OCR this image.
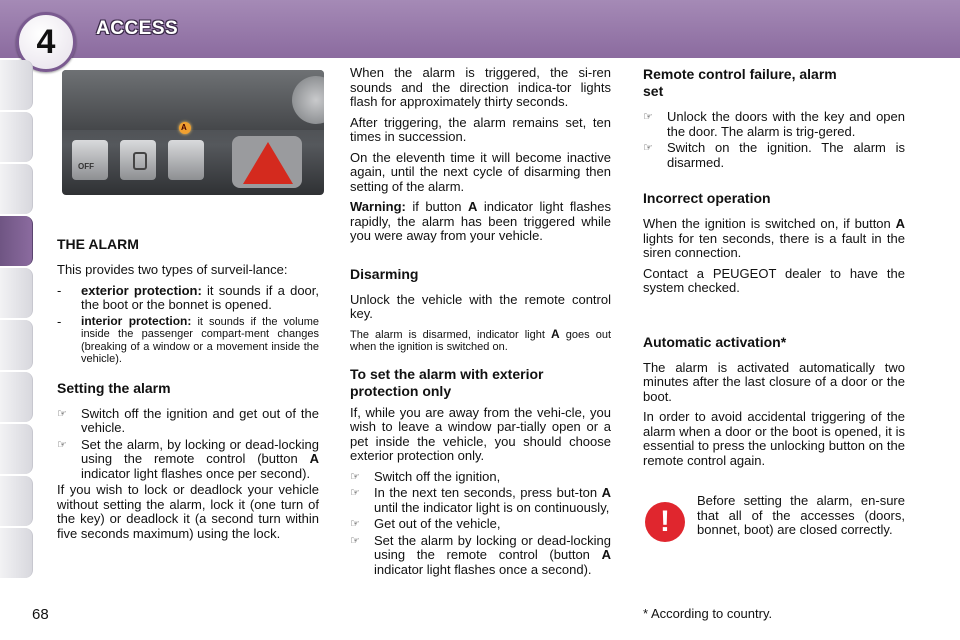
4 ACCESS
OFF
A
THE ALARM

This provides two types of surveil-lance:

-	exterior protection: it sounds if a door, the boot or the bonnet is opened.
-	interior protection: it sounds if the volume inside the passenger compart-ment changes (breaking of a window or a movement inside the vehicle).
Setting the alarm
☞	Switch off the ignition and get out of the vehicle.
☞	Set the alarm, by locking or dead-locking using the remote control (button A indicator light flashes once per second).

If you wish to lock or deadlock your vehicle without setting the alarm, lock it (one turn of the key) or deadlock it (a second turn within five seconds maximum) using the lock.

When the alarm is triggered, the si-ren sounds and the direction indica-tor lights flash for approximately thirty seconds.

After triggering, the alarm remains set, ten times in succession.

On the eleventh time it will become inactive again, until the next cycle of disarming then setting of the alarm.

Warning: if button A indicator light flashes rapidly, the alarm has been triggered while you were away from your vehicle.

Disarming

Unlock the vehicle with the remote control key.

The alarm is disarmed, indicator light A goes out when the ignition is switched on.

To set the alarm with exterior protection only

If, while you are away from the vehi-cle, you wish to leave a window par-tially open or a pet inside the vehicle, you should choose exterior protection only.

☞	Switch off the ignition,
☞	In the next ten seconds, press but-ton A until the indicator light is on continuously,
☞	Get out of the vehicle,
☞	Set the alarm by locking or dead-locking using the remote control (button A indicator light flashes once a second).
Remote control failure, alarm set
☞	Unlock the doors with the key and open the door. The alarm is trig-gered.
☞	Switch on the ignition. The alarm is disarmed.
Incorrect operation

When the ignition is switched on, if button A lights for ten seconds, there is a fault in the siren connection.

Contact a PEUGEOT dealer to have the system checked.

Automatic activation*

The alarm is activated automatically two minutes after the last closure of a door or the boot.

In order to avoid accidental triggering of the alarm when a door or the boot is opened, it is essential to press the unlocking button on the remote control again.

!
Before setting the alarm, en-sure that all of the accesses (doors, bonnet, boot) are closed correctly.
68	* According to country.
